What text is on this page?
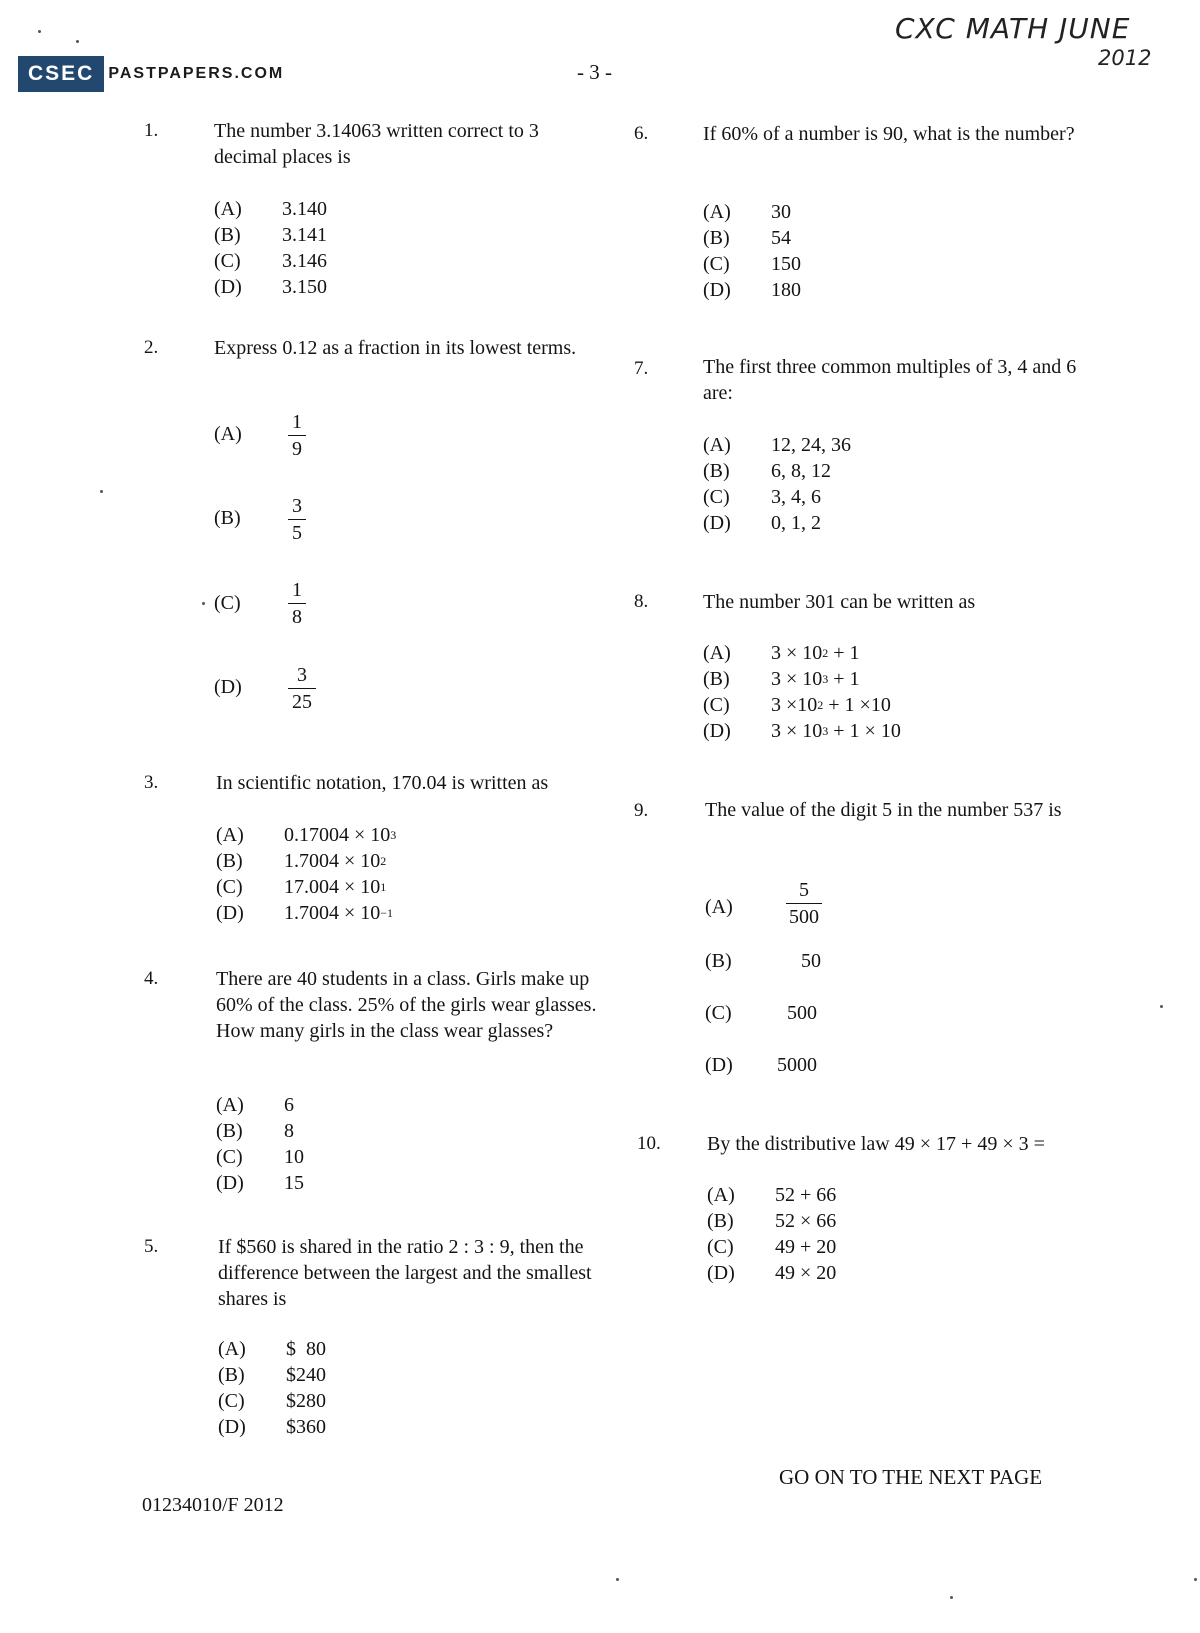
CSEC PASTPAPERS.COM	- 3 -
CXC MATH JUNE
2012
1.	The number 3.14063 written correct to 3 decimal places is
(A)	3.140
(B)	3.141
(C)	3.146
(D)	3.150
2.	Express 0.12 as a fraction in its lowest terms.
(A)
1
9
(B)
3
5
(C)
1
8
(D)
3
25
3.	In scientific notation, 170.04 is written as
(A)	0.17004 × 10 3
(B)	1.7004 × 10 2
(C)	17.004 × 10 1
(D)	1.7004 × 10 −1
4.	There are 40 students in a class. Girls make up 60% of the class. 25% of the girls wear glasses. How many girls in the class wear glasses?
(A)	6
(B)	8
(C)	10
(D)	15
5.	If $560 is shared in the ratio 2 : 3 : 9, then the difference between the largest and the smallest shares is
(A)	$  80
(B)	$240
(C)	$280
(D)	$360
6.	If 60% of a number is 90, what is the number?
(A)	30
(B)	54
(C)	150
(D)	180
7.	The first three common multiples of 3, 4 and 6 are:
(A)	12, 24, 36
(B)	6, 8, 12
(C)	3, 4, 6
(D)	0, 1, 2
8.	The number 301 can be written as
(A)	3 × 10 2 + 1
(B)	3 × 10 3 + 1
(C)	3 ×10 2 + 1 ×10
(D)	3 × 10 3 + 1 × 10
9.	The value of the digit 5 in the number 537 is
(A)
5
500
(B)	50
(C)	500
(D)	5000
10. By the distributive law 49 × 17 + 49 × 3 =
(A)	52 + 66
(B)	52 × 66
(C)	49 + 20
(D)	49 × 20
GO ON TO THE NEXT PAGE
01234010/F 2012
